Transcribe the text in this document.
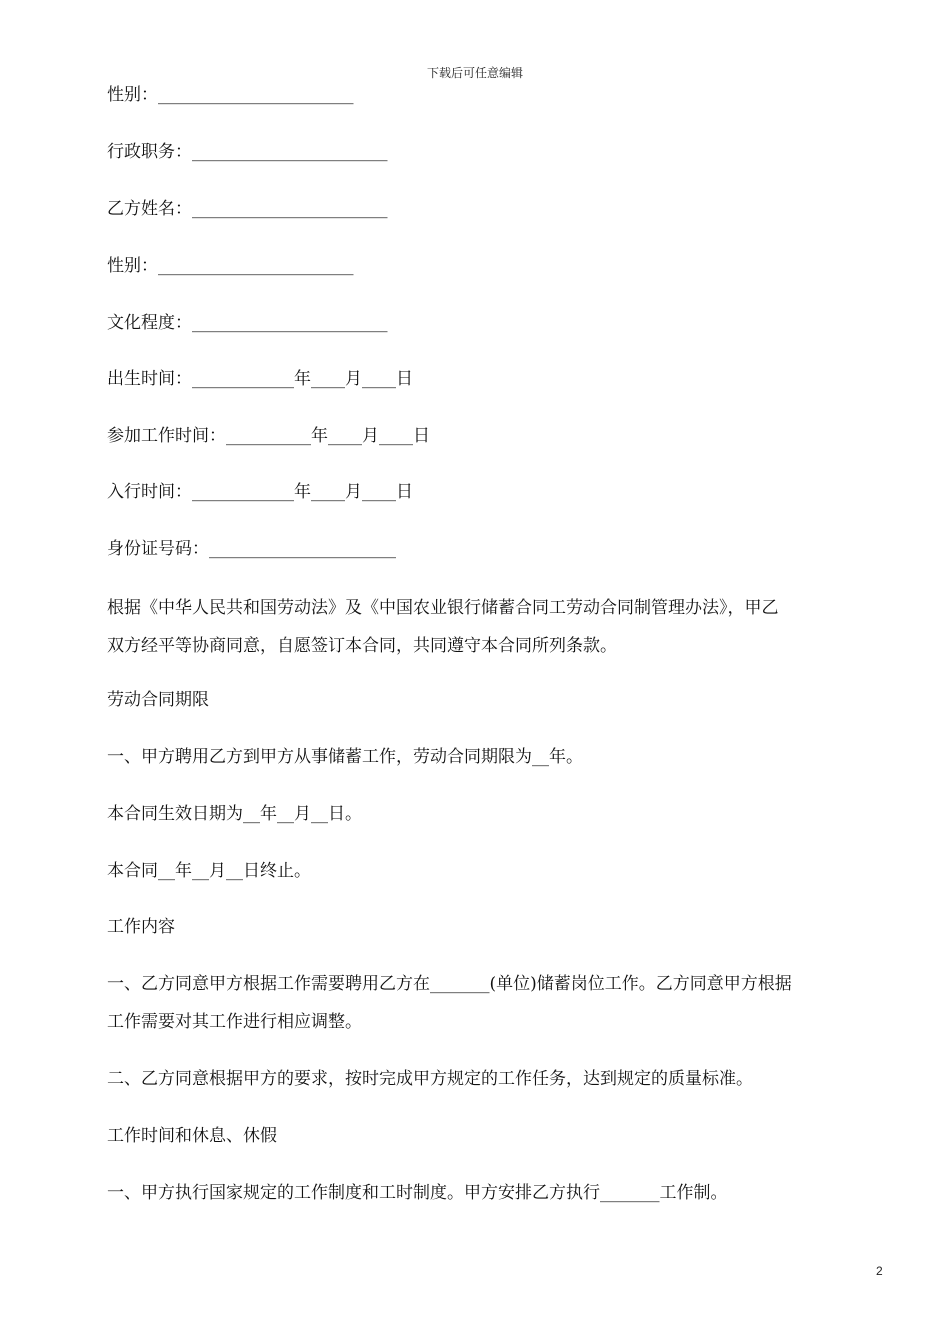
下载后可任意编辑
性别：_______________________
行政职务：_______________________
乙方姓名：_______________________
性别：_______________________
文化程度：_______________________
出生时间：____________年____月____日
参加工作时间：__________年____月____日
入行时间：____________年____月____日
身份证号码：______________________
根据《中华人民共和国劳动法》及《中国农业银行储蓄合同工劳动合同制管理办法》，甲乙
双方经平等协商同意，自愿签订本合同，共同遵守本合同所列条款。
劳动合同期限
一、甲方聘用乙方到甲方从事储蓄工作，劳动合同期限为__年。
本合同生效日期为__年__月__日。
本合同__年__月__日终止。
工作内容
一、乙方同意甲方根据工作需要聘用乙方在_______(单位)储蓄岗位工作。乙方同意甲方根据
工作需要对其工作进行相应调整。
二、乙方同意根据甲方的要求，按时完成甲方规定的工作任务，达到规定的质量标准。
工作时间和休息、休假
一、甲方执行国家规定的工作制度和工时制度。甲方安排乙方执行_______工作制。
2
